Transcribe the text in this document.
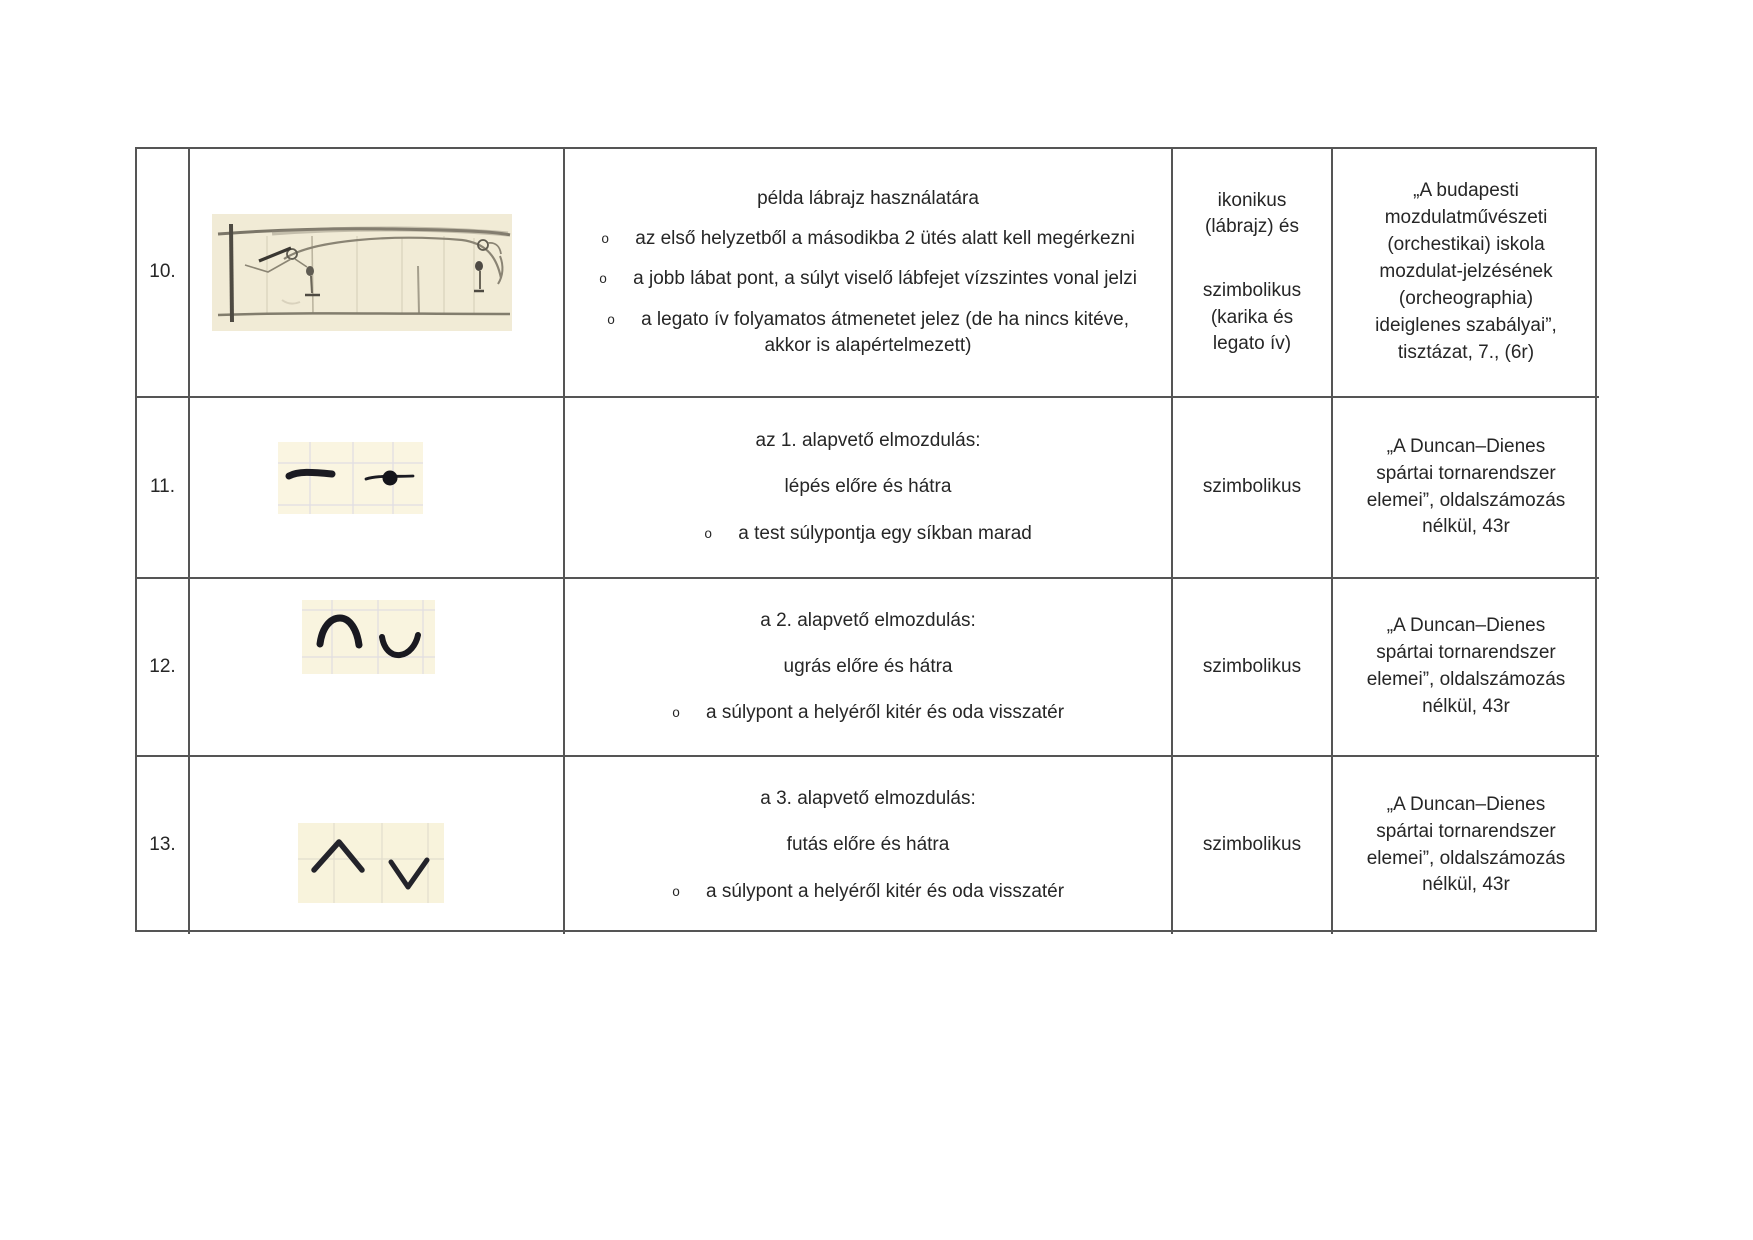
10.

példa lábrajz használatára

o az első helyzetből a másodikba 2 ütés alatt kell megérkezni
o a jobb lábat pont, a súlyt viselő lábfejet vízszintes vonal jelzi
o a legato ív folyamatos átmenetet jelez (de ha nincs kitéve, akkor is alapértelmezett)

ikonikus (lábrajz) és

szimbolikus (karika és legato ív)

„A budapesti mozdulatművészeti (orchestikai) iskola mozdulat-jelzésének (orcheographia) ideiglenes szabályai”, tisztázat, 7., (6r)

11.

az 1. alapvető elmozdulás:

lépés előre és hátra

o a test súlypontja egy síkban marad

szimbolikus

„A Duncan–Dienes spártai tornarendszer elemei”, oldalszámozás nélkül, 43r

12.

a 2. alapvető elmozdulás:

ugrás előre és hátra

o a súlypont a helyéről kitér és oda visszatér

szimbolikus

„A Duncan–Dienes spártai tornarendszer elemei”, oldalszámozás nélkül, 43r

13.

a 3. alapvető elmozdulás:

futás előre és hátra

o a súlypont a helyéről kitér és oda visszatér

szimbolikus

„A Duncan–Dienes spártai tornarendszer elemei”, oldalszámozás nélkül, 43r
